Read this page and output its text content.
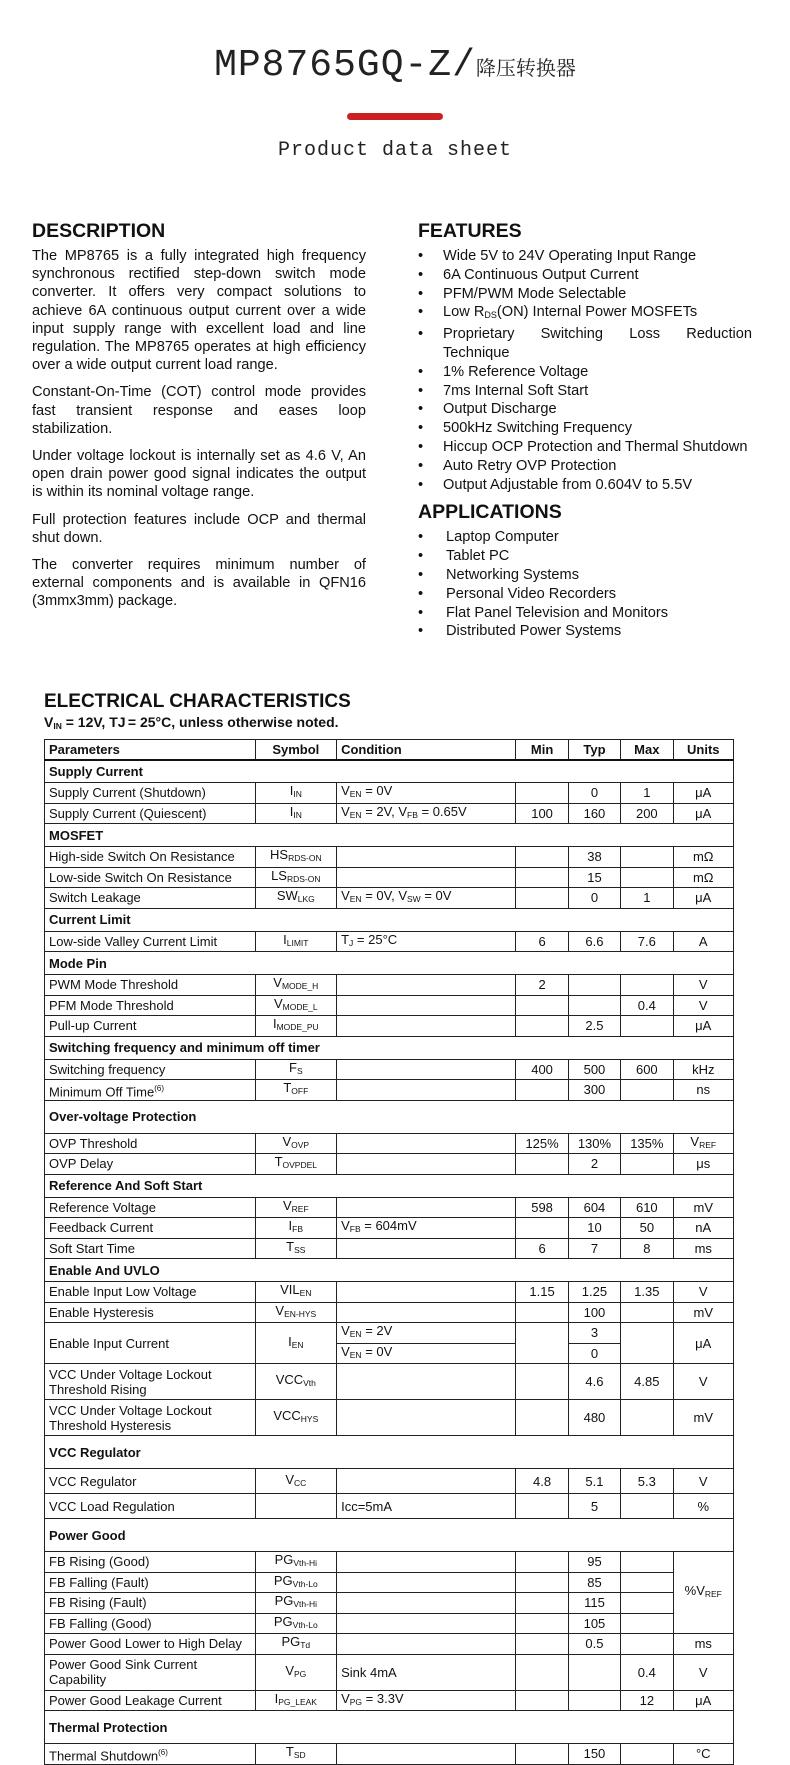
MP8765GQ-Z/降压转换器
Product data sheet
DESCRIPTION

The MP8765 is a fully integrated high frequency synchronous rectified step-down switch mode converter. It offers very compact solutions to achieve 6A continuous output current over a wide input supply range with excellent load and line regulation. The MP8765 operates at high efficiency over a wide output current load range.

Constant-On-Time (COT) control mode provides fast transient response and eases loop stabilization.

Under voltage lockout is internally set as 4.6 V, An open drain power good signal indicates the output is within its nominal voltage range.

Full protection features include OCP and thermal shut down.

The converter requires minimum number of external components and is available in QFN16 (3mmx3mm) package.

FEATURES
• Wide 5V to 24V Operating Input Range
• 6A Continuous Output Current
• PFM/PWM Mode Selectable
• Low $R_{DS}(ON)$ Internal Power MOSFETs
• Proprietary Switching Loss Reduction Technique
• 1% Reference Voltage
• 7ms Internal Soft Start
• Output Discharge
• 500kHz Switching Frequency
• Hiccup OCP Protection and Thermal Shutdown
• Auto Retry OVP Protection
• Output Adjustable from 0.604V to 5.5V
APPLICATIONS
• Laptop Computer
• Tablet PC
• Networking Systems
• Personal Video Recorders
• Flat Panel Television and Monitors
• Distributed Power Systems
ELECTRICAL CHARACTERISTICS
$V_{IN} = 12V$, TJ = 25°C, unless otherwise noted.
Parameters	Symbol	Condition	Min	Typ	Max	Units
Supply Current						
Supply Current (Shutdown)	$I_{IN}$	$V_{EN} = 0V$		0	1	μA
Supply Current (Quiescent)	$I_{IN}$	$V_{EN} = 2V$, $V_{FB} = 0.65V$	100	160	200	μA
MOSFET						
High-side Switch On Resistance	$HS_{RDS-ON}$			38		mΩ
Low-side Switch On Resistance	$LS_{RDS-ON}$			15		mΩ
Switch Leakage	$SW_{LKG}$	$V_{EN} = 0V$, $V_{SW} = 0V$		0	1	μA
Current Limit						
Low-side Valley Current Limit	$I_{LIMIT}$	$T_J = 25^\circ C$	6	6.6	7.6	A
Mode Pin						
PWM Mode Threshold	$V_{MODE\_H}$		2			V
PFM Mode Threshold	$V_{MODE\_L}$				0.4	V
Pull-up Current	$I_{MODE\_PU}$			2.5		μA
Switching frequency and minimum off timer						
Switching frequency	$F_S$		400	500	600	kHz
Minimum Off Time$^{(6)}$	$T_{OFF}$			300		ns
Over-voltage Protection						
OVP Threshold	$V_{OVP}$		125%	130%	135%	$V_{REF}$
OVP Delay	$T_{OVPDEL}$			2		μs
Reference And Soft Start						
Reference Voltage	$V_{REF}$		598	604	610	mV
Feedback Current	$I_{FB}$	$V_{FB} = 604mV$		10	50	nA
Soft Start Time	$T_{SS}$		6	7	8	ms
Enable And UVLO						
Enable Input Low Voltage	$VIL_{EN}$		1.15	1.25	1.35	V
Enable Hysteresis	$V_{EN-HYS}$			100		mV
Enable Input Current	$I_{EN}$	$V_{EN} = 2V$		3		μA
		$V_{EN} = 0V$		0		
VCC Under Voltage Lockout Threshold Rising	$VCC_{Vth}$			4.6	4.85	V
VCC Under Voltage Lockout Threshold Hysteresis	$VCC_{HYS}$			480		mV
VCC Regulator						
VCC Regulator	$V_{CC}$		4.8	5.1	5.3	V
VCC Load Regulation		Icc=5mA		5		%
Power Good						
FB Rising (Good)	$PG_{Vth-Hi}$			95		$\%V_{REF}$
FB Falling (Fault)	$PG_{Vth-Lo}$			85		
FB Rising (Fault)	$PG_{Vth-Hi}$			115		
FB Falling (Good)	$PG_{Vth-Lo}$			105		
Power Good Lower to High Delay	$PG_{Td}$			0.5		ms
Power Good Sink Current Capability	$V_{PG}$	Sink 4mA			0.4	V
Power Good Leakage Current	$I_{PG\_LEAK}$	$V_{PG} = 3.3V$			12	μA
Thermal Protection						
Thermal Shutdown$^{(6)}$	$T_{SD}$			150		°C
